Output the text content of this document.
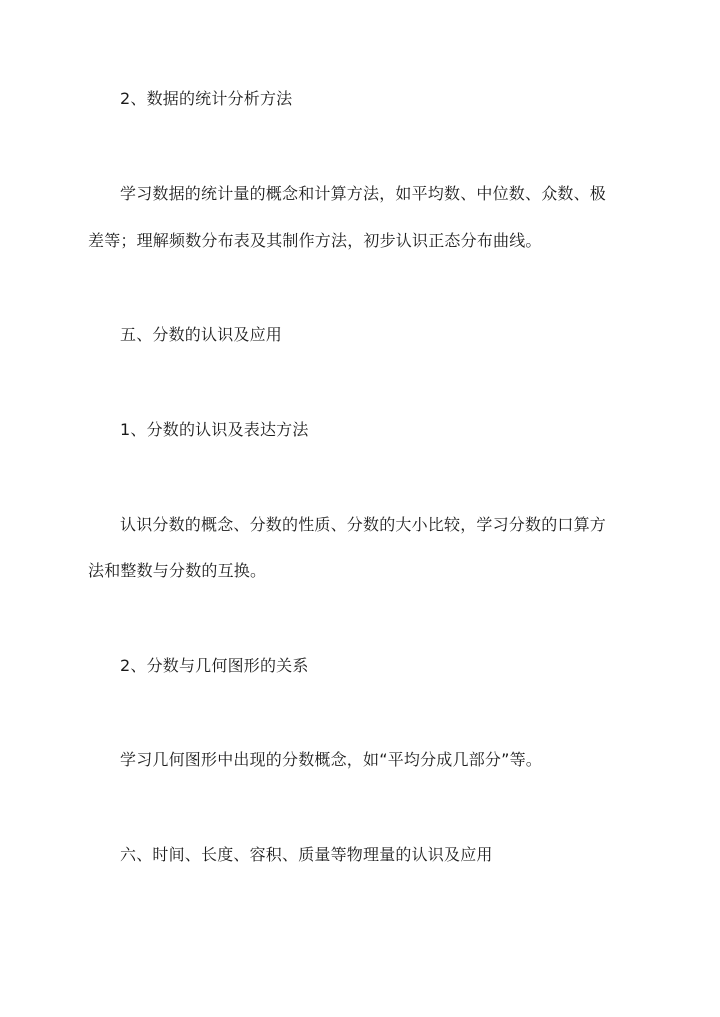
2、数据的统计分析方法
学习数据的统计量的概念和计算方法，如平均数、中位数、众数、极
差等；理解频数分布表及其制作方法，初步认识正态分布曲线。
五、分数的认识及应用
1、分数的认识及表达方法
认识分数的概念、分数的性质、分数的大小比较，学习分数的口算方
法和整数与分数的互换。
2、分数与几何图形的关系
学习几何图形中出现的分数概念，如“平均分成几部分”等。
六、时间、长度、容积、质量等物理量的认识及应用
